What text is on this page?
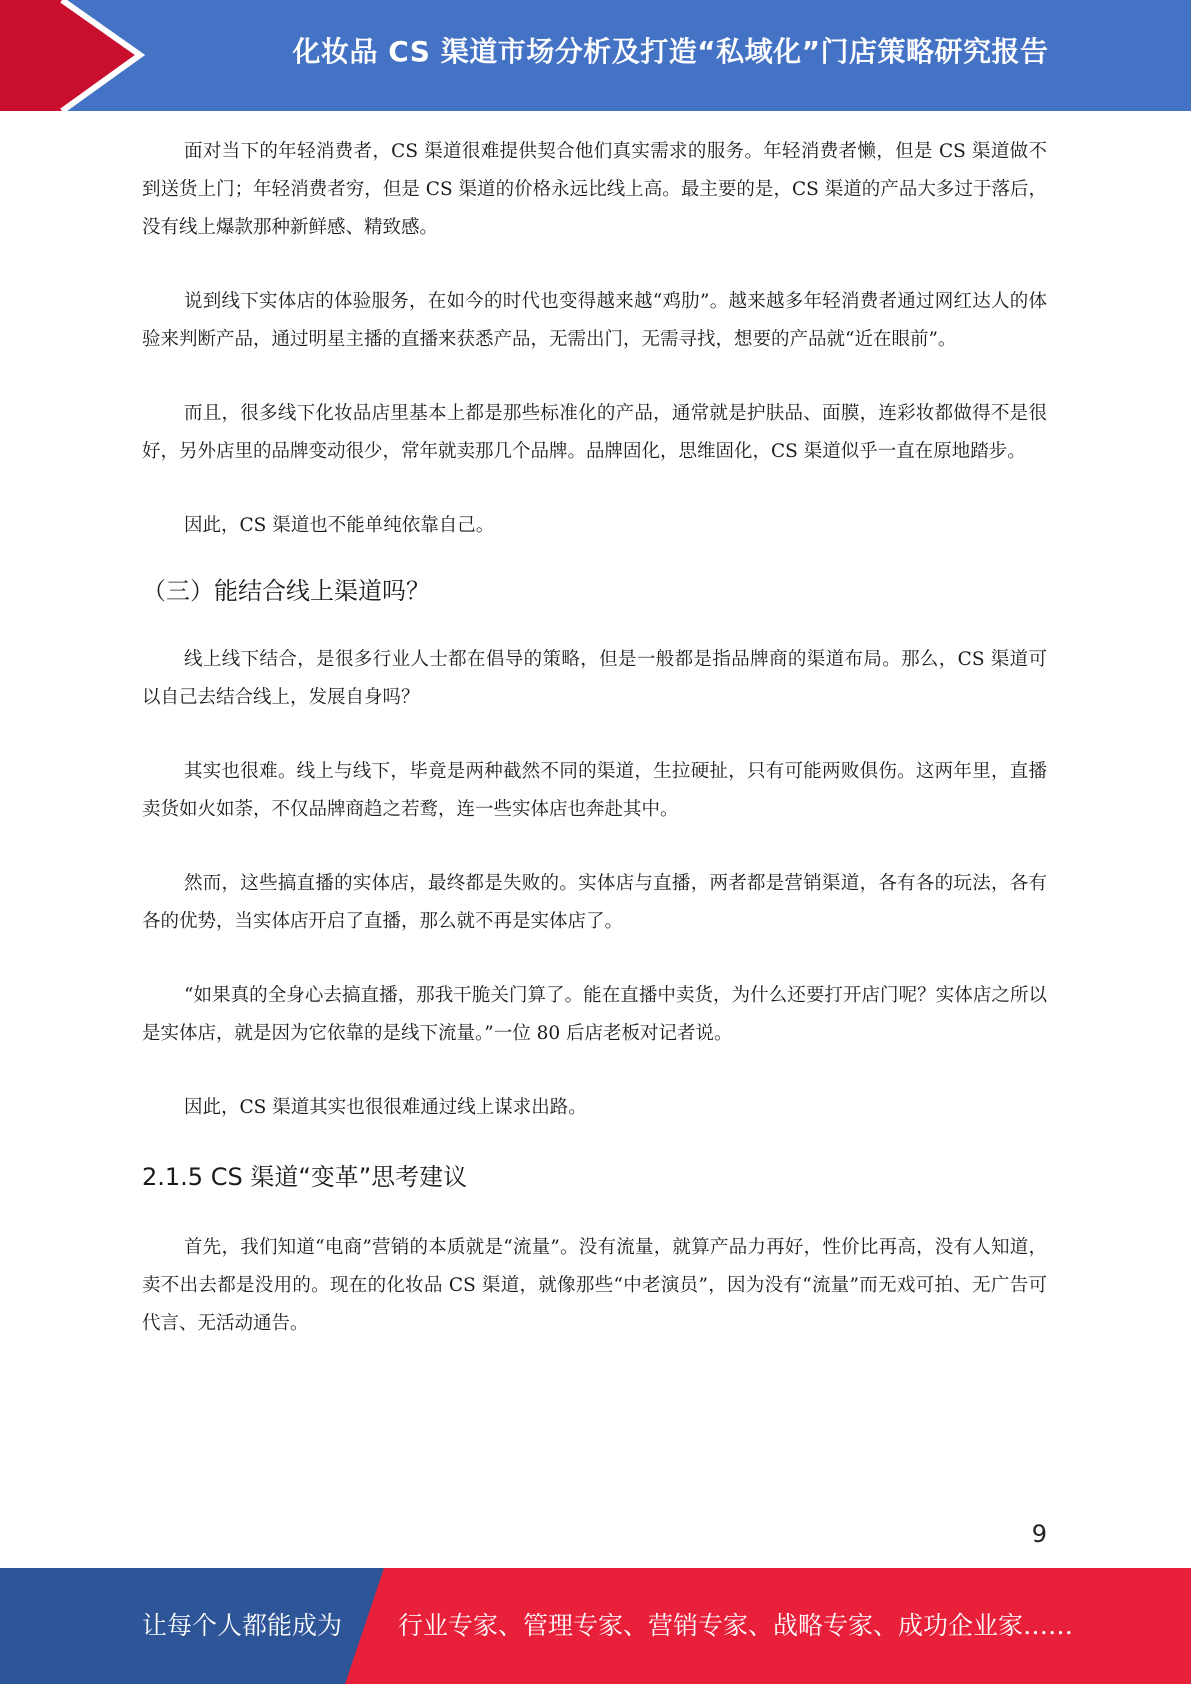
化妆品 CS 渠道市场分析及打造“私域化”门店策略研究报告

面对当下的年轻消费者，CS 渠道很难提供契合他们真实需求的服务。年轻消费者懒，但是 CS 渠道做不到送货上门；年轻消费者穷，但是 CS 渠道的价格永远比线上高。最主要的是，CS 渠道的产品大多过于落后，没有线上爆款那种新鲜感、精致感。

说到线下实体店的体验服务，在如今的时代也变得越来越“鸡肋”。越来越多年轻消费者通过网红达人的体验来判断产品，通过明星主播的直播来获悉产品，无需出门，无需寻找，想要的产品就“近在眼前”。

而且，很多线下化妆品店里基本上都是那些标准化的产品，通常就是护肤品、面膜，连彩妆都做得不是很好，另外店里的品牌变动很少，常年就卖那几个品牌。品牌固化，思维固化，CS 渠道似乎一直在原地踏步。

因此，CS 渠道也不能单纯依靠自己。

（三）能结合线上渠道吗？

线上线下结合，是很多行业人士都在倡导的策略，但是一般都是指品牌商的渠道布局。那么，CS 渠道可以自己去结合线上，发展自身吗？

其实也很难。线上与线下，毕竟是两种截然不同的渠道，生拉硬扯，只有可能两败俱伤。这两年里，直播卖货如火如荼，不仅品牌商趋之若鹜，连一些实体店也奔赴其中。

然而，这些搞直播的实体店，最终都是失败的。实体店与直播，两者都是营销渠道，各有各的玩法，各有各的优势，当实体店开启了直播，那么就不再是实体店了。

“如果真的全身心去搞直播，那我干脆关门算了。能在直播中卖货，为什么还要打开店门呢？实体店之所以是实体店，就是因为它依靠的是线下流量。”一位 80 后店老板对记者说。

因此，CS 渠道其实也很很难通过线上谋求出路。

2.1.5 CS 渠道“变革”思考建议

首先，我们知道“电商”营销的本质就是“流量”。没有流量，就算产品力再好，性价比再高，没有人知道，卖不出去都是没用的。现在的化妆品 CS 渠道，就像那些“中老演员”，因为没有“流量”而无戏可拍、无广告可代言、无活动通告。

9
让每个人都能成为 行业专家、管理专家、营销专家、战略专家、成功企业家……
